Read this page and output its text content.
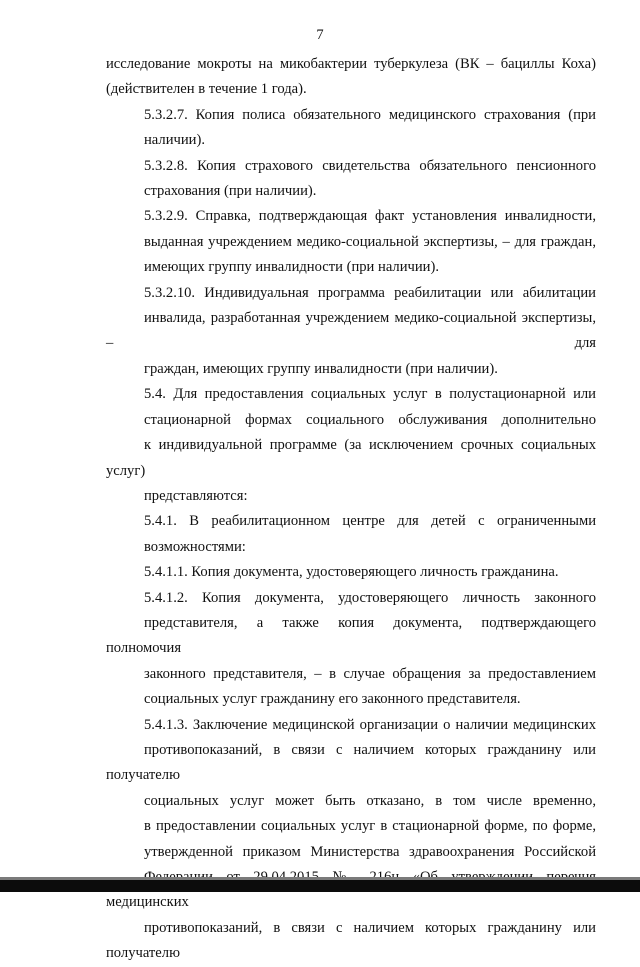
7

исследование мокроты на микобактерии туберкулеза (ВК – бациллы Коха)
(действителен в течение 1 года).

5.3.2.7. Копия полиса обязательного медицинского страхования (при
наличии).

5.3.2.8. Копия страхового свидетельства обязательного пенсионного
страхования (при наличии).

5.3.2.9. Справка, подтверждающая факт установления инвалидности,
выданная учреждением медико-социальной экспертизы, – для граждан,
имеющих группу инвалидности (при наличии).

5.3.2.10. Индивидуальная программа реабилитации или абилитации
инвалида, разработанная учреждением медико-социальной экспертизы, – для
граждан, имеющих группу инвалидности (при наличии).

5.4. Для предоставления социальных услуг в полустационарной или
стационарной формах социального обслуживания дополнительно
к индивидуальной программе (за исключением срочных социальных услуг)
представляются:

5.4.1. В реабилитационном центре для детей с ограниченными
возможностями:

5.4.1.1. Копия документа, удостоверяющего личность гражданина.

5.4.1.2. Копия документа, удостоверяющего личность законного
представителя, а также копия документа, подтверждающего полномочия
законного представителя, – в случае обращения за предоставлением
социальных услуг гражданину его законного представителя.

5.4.1.3. Заключение медицинской организации о наличии медицинских
противопоказаний, в связи с наличием которых гражданину или получателю
социальных услуг может быть отказано, в том числе временно,
в предоставлении социальных услуг в стационарной форме, по форме,
утвержденной приказом Министерства здравоохранения Российской
медицинских
противопоказаний, в связи с наличием которых гражданину или получателю
